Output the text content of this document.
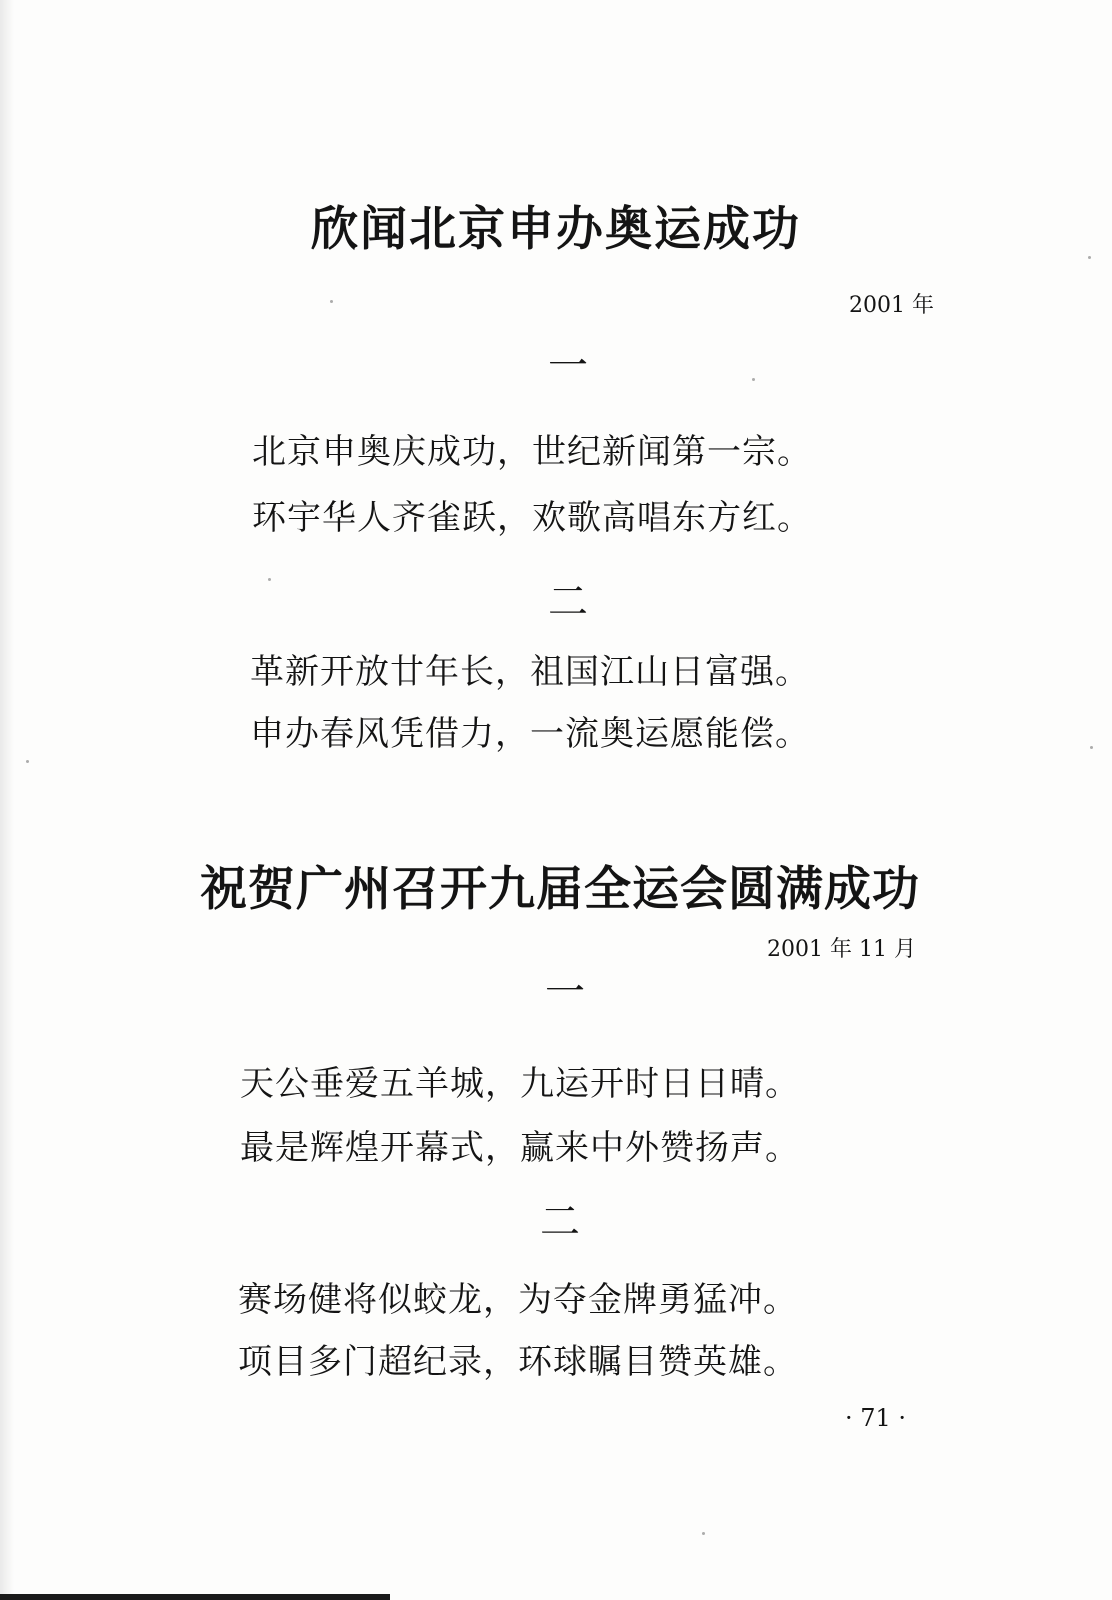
欣闻北京申办奥运成功

2001 年

一

北京申奥庆成功，世纪新闻第一宗。

环宇华人齐雀跃，欢歌高唱东方红。

二

革新开放廿年长，祖国江山日富强。

申办春风凭借力，一流奥运愿能偿。

祝贺广州召开九届全运会圆满成功

2001 年 11 月

一

天公垂爱五羊城，九运开时日日晴。

最是辉煌开幕式，赢来中外赞扬声。

二

赛场健将似蛟龙，为夺金牌勇猛冲。

项目多门超纪录，环球瞩目赞英雄。

· 71 ·
